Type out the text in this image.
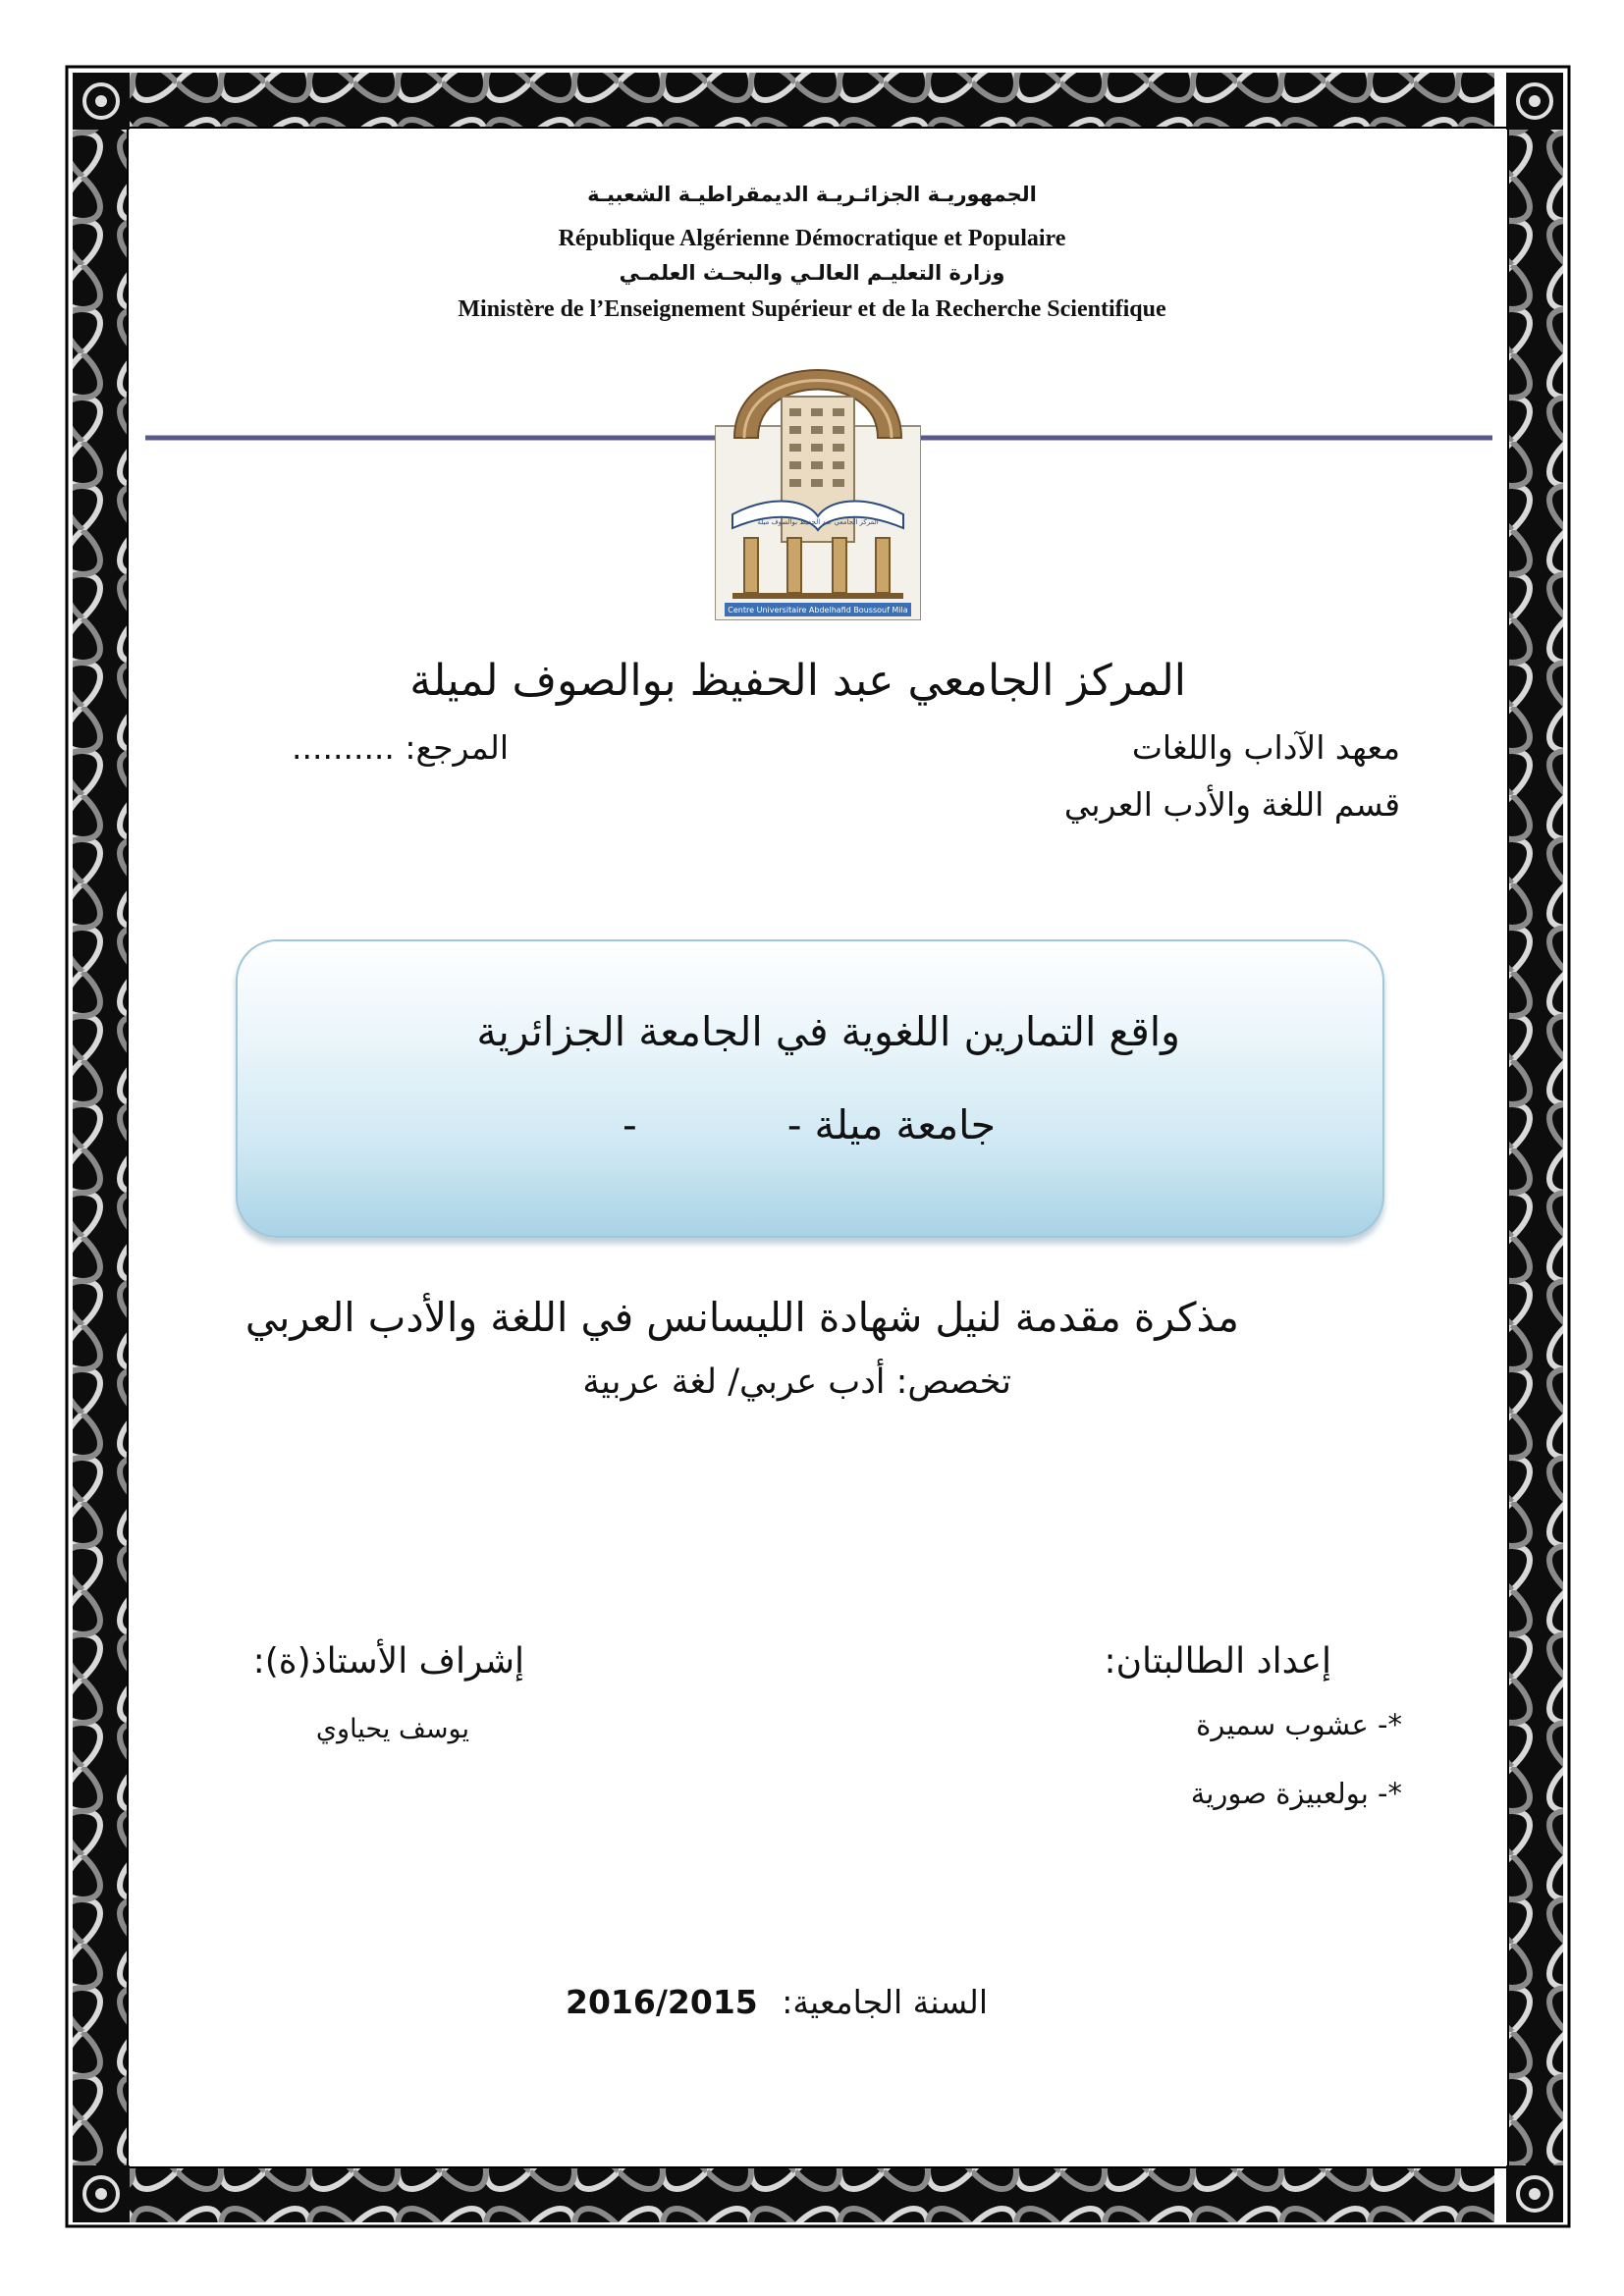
الجمهوريـة الجزائـريـة الديمقراطيـة الشعبيـة
République Algérienne Démocratique et Populaire
وزارة التعليـم العالـي والبحـث العلمـي
Ministère de l’Enseignement Supérieur et de la Recherche Scientifique
المركز الجامعي عبد الحفيظ بوالصوف ميلة
Centre Universitaire Abdelhafid Boussouf Mila
المركز الجامعي عبد الحفيظ بوالصوف لميلة
معهد الآداب واللغات
المرجع: ..........
قسم اللغة والأدب العربي
واقع التمارين اللغوية في الجامعة الجزائرية
جامعة ميلة -
-
مذكرة مقدمة لنيل شهادة الليسانس في اللغة والأدب العربي
تخصص: أدب عربي/ لغة عربية
إعداد الطالبتان:
إشراف الأستاذ(ة):
*- عشوب سميرة
يوسف يحياوي
*- بولعبيزة صورية
السنة الجامعية:
2016/2015
